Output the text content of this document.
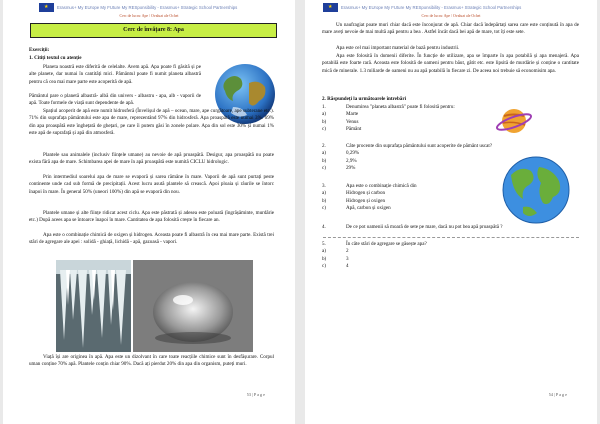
★
Erasmus+ My EUrope My FUture My RESponsibility - Erasmus+ Strategic School Partnerships
Cerc de lucru: Ape / Ovaluat ale Ochei
Cerc de învățare 8: Apa
Exerciții:
1. Citiți textul cu atenție
Planeta noastră este diferită de celelalte. Avem apă. Apa poate fi găsită și pe alte planete, dar numai în cantități mici. Pământul poate fi numit planeta albastră pentru că cea mai mare parte este acoperită de apă.
Pământul pare o planetă albastră- albă din univers - albastru - apa, alb - vaporii de apă. Toate formele de viață sunt dependente de apă.
Spațiul acoperit de apă este numit hidrosferă (Învelișul de apă – ocean, mare, ape curgătoare, ape subterane etc.). 71% din suprafața pământului este apa de mare, reprezentând 97% din hidrosferă. Apa proaspătă este numai 3%. 69% din apa proaspătă este înghețată de ghețari, pe care îi putem găsi în zonele polare. Apa din sol este 30% și numai 1% este apă de suprafață și apă din atmosferă.
Plantele sau animalele (inclusiv ființele umane) au nevoie de apă proaspătă. Desigur, apa proaspătă nu poate exista fără apa de mare. Schimbarea apei de mare în apă proaspătă este numită CICLU hidrologic.
Prin intermediul soarelui apa de mare se evaporă și sarea rămâne în mare. Vaporii de apă sunt purtați peste continente unde cad sub formă de precipitații. Acest lucru asută plantele să crească. Apoi ploaia și râurile se întorc înapoi în mare. În general 50% (uneori 100%) din apă se evaporă din nou.
Plantele umane și alte ființe ridicat acest ciclu. Apa este păstrată și adesea este poluată (îngrășăminte, murdărie etc.) După acees apa se întoarce înapoi în mare. Cantitatea de apa folosită crește în fiecare an.
Apa este o combinație chimică de oxigen și hidrogen. Aceasta poate fi albastră în cea mai mare parte. Există trei stări de agregare ale apei : solidă - ghiață, lichidă - apă, gazoasă - vapori.
Viață își are originea în apă. Apa este un dizolvant în care toate reacțiile chimice sunt în desfășurare. Corpul uman conține 70% apă. Plantele conțin chiar 90%. Dacă ați pierdut 20% din apa din organism, puteți muri.
53 | P a g e
★
Erasmus+ My EUrope My FUture My RESponsibility - Erasmus+ Strategic School Partnerships
Cerc de lucru: Ape / Ovaluat ale Ochei
Un naufragiat poate muri chiar dacă este înconjurat de apă. Chiar dacă îndepărtați sarea care este conținută în apa de mare aveți nevoie de mai multă apă pentru a bea . Astfel încât dacă bei apă de mare, tot îți este sete.
Apa este cel mai important material de bază pentru industrii.
Apa este folosită în domenii diferite. În funcție de utilizare, apa se împarte în apa potabilă și apa menajeră. Apa potabilă este foarte rară. Aceasta este folosită de oameni pentru băut, gătit etc. este lipsită de murdărie și conține o cantitate mică de minerale. 1.3 miliarde de oameni nu au apă potabilă în fiecare zi. De aceea noi trebuie să economisim apa.
2. Răspundeți la următoarele întrebări
1.	Denumirea "planeta albastră" poate fi folosită pentru:
a)	Marte
b)	Venus
c)	Pământ
2.	Câte procente din suprafața pământului sunt acoperite de pământ uscat?
a)	0,29%
b)	2,9%
c)	29%
3.	Apa este o combinație chimică din
a)	Hidrogen și carbon
b)	Hidrogen și oxigen
c)	Apă, carbon și oxigen
4.	De ce pot oamenii să moară de sete pe mare, dacă nu pot bea apă proaspătă ?
5.	În câte stări de agregare se găsește apa?
a)	2
b)	3
c)	4
54 | P a g e
